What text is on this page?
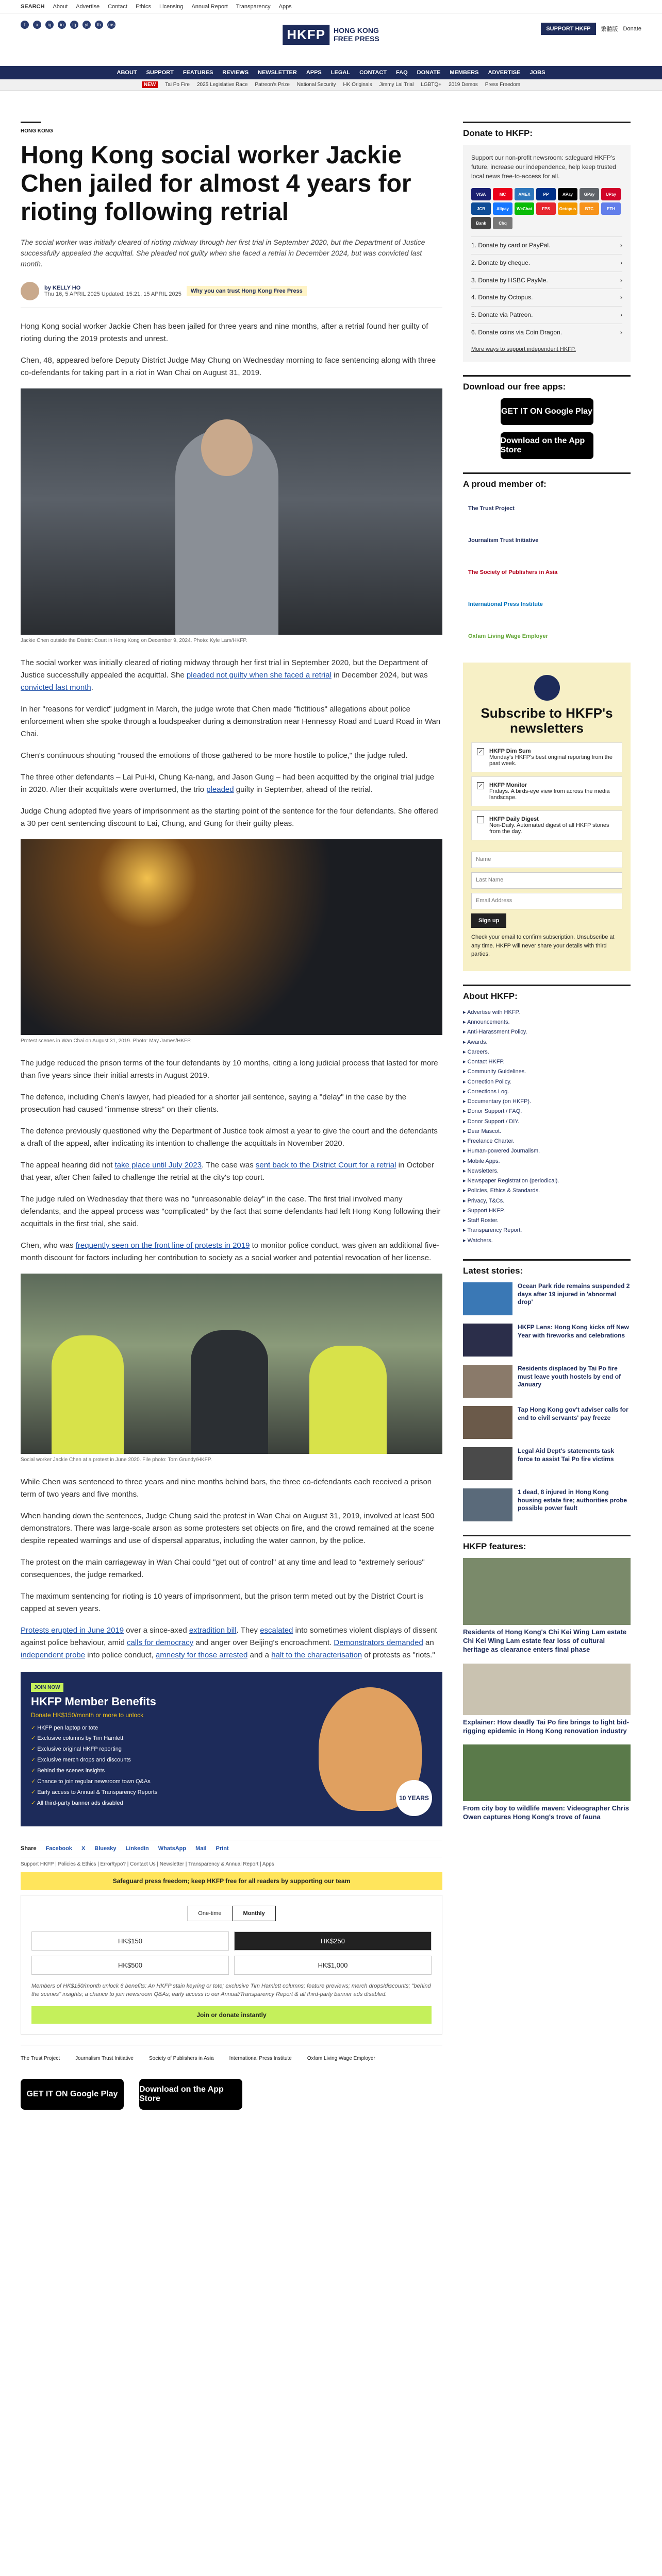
SEARCH About Advertise Contact Ethics Licensing Annual Report Transparency Apps
f	x	ig	in	tg	yt	th	ms
HKFP	HONG KONG
FREE PRESS
SUPPORT HKFP	繁體版 Donate
ABOUT SUPPORT FEATURES REVIEWS NEWSLETTER APPS LEGAL CONTACT FAQ DONATE MEMBERS ADVERTISE JOBS
NEW	Tai Po Fire 2025 Legislative Race Patreon's Prize National Security HK Originals Jimmy Lai Trial LGBTQ+ 2019 Demos Press Freedom
HONG KONG
Hong Kong social worker Jackie Chen jailed for almost 4 years for rioting following retrial

The social worker was initially cleared of rioting midway through her first trial in September 2020, but the Department of Justice successfully appealed the acquittal. She pleaded not guilty when she faced a retrial in December 2024, but was convicted last month.

by KELLY HO
Thu 16, 5 APRIL 2025 Updated: 15:21, 15 APRIL 2025	Why you can trust Hong Kong Free Press

Hong Kong social worker Jackie Chen has been jailed for three years and nine months, after a retrial found her guilty of rioting during the 2019 protests and unrest.

Chen, 48, appeared before Deputy District Judge May Chung on Wednesday morning to face sentencing along with three co-defendants for taking part in a riot in Wan Chai on August 31, 2019.

Jackie Chen outside the District Court in Hong Kong on December 9, 2024. Photo: Kyle Lam/HKFP.

The social worker was initially cleared of rioting midway through her first trial in September 2020, but the Department of Justice successfully appealed the acquittal. She pleaded not guilty when she faced a retrial in December 2024, but was convicted last month.

In her "reasons for verdict" judgment in March, the judge wrote that Chen made "fictitious" allegations about police enforcement when she spoke through a loudspeaker during a demonstration near Hennessy Road and Luard Road in Wan Chai.

Chen's continuous shouting "roused the emotions of those gathered to be more hostile to police," the judge ruled.

The three other defendants – Lai Pui-ki, Chung Ka-nang, and Jason Gung – had been acquitted by the original trial judge in 2020. After their acquittals were overturned, the trio pleaded guilty in September, ahead of the retrial.

Judge Chung adopted five years of imprisonment as the starting point of the sentence for the four defendants. She offered a 30 per cent sentencing discount to Lai, Chung, and Gung for their guilty pleas.

Protest scenes in Wan Chai on August 31, 2019. Photo: May James/HKFP.

The judge reduced the prison terms of the four defendants by 10 months, citing a long judicial process that lasted for more than five years since their initial arrests in August 2019.

The defence, including Chen's lawyer, had pleaded for a shorter jail sentence, saying a "delay" in the case by the prosecution had caused "immense stress" on their clients.

The defence previously questioned why the Department of Justice took almost a year to give the court and the defendants a draft of the appeal, after indicating its intention to challenge the acquittals in November 2020.

The appeal hearing did not take place until July 2023. The case was sent back to the District Court for a retrial in October that year, after Chen failed to challenge the retrial at the city's top court.

The judge ruled on Wednesday that there was no "unreasonable delay" in the case. The first trial involved many defendants, and the appeal process was "complicated" by the fact that some defendants had left Hong Kong following their acquittals in the first trial, she said.

Chen, who was frequently seen on the front line of protests in 2019 to monitor police conduct, was given an additional five-month discount for factors including her contribution to society as a social worker and potential revocation of her license.

Social worker Jackie Chen at a protest in June 2020. File photo: Tom Grundy/HKFP.

While Chen was sentenced to three years and nine months behind bars, the three co-defendants each received a prison term of two years and five months.

When handing down the sentences, Judge Chung said the protest in Wan Chai on August 31, 2019, involved at least 500 demonstrators. There was large-scale arson as some protesters set objects on fire, and the crowd remained at the scene despite repeated warnings and use of dispersal apparatus, including the water cannon, by the police.

The protest on the main carriageway in Wan Chai could "get out of control" at any time and lead to "extremely serious" consequences, the judge remarked.

The maximum sentencing for rioting is 10 years of imprisonment, but the prison term meted out by the District Court is capped at seven years.

Protests erupted in June 2019 over a since-axed extradition bill. They escalated into sometimes violent displays of dissent against police behaviour, amid calls for democracy and anger over Beijing's encroachment. Demonstrators demanded an independent probe into police conduct, amnesty for those arrested and a halt to the characterisation of protests as "riots."

JOIN NOW
HKFP Member Benefits
Donate HK$150/month or more to unlock
✓ HKFP pen laptop or tote
✓ Exclusive columns by Tim Hamlett
✓ Exclusive original HKFP reporting
✓ Exclusive merch drops and discounts
✓ Behind the scenes insights
✓ Chance to join regular newsroom town Q&As
✓ Early access to Annual & Transparency Reports
✓ All third-party banner ads disabled
10 YEARS
Share Facebook X Bluesky LinkedIn WhatsApp Mail Print
Support HKFP | Policies & Ethics | Error/typo? | Contact Us | Newsletter | Transparency & Annual Report | Apps
Safeguard press freedom; keep HKFP free for all readers by supporting our team
One-time	Monthly
HK$150	HK$250
HK$500	HK$1,000

Members of HK$150/month unlock 6 benefits: An HKFP stain keyring or tote; exclusive Tim Hamlett columns; feature previews; merch drops/discounts; "behind the scenes" insights; a chance to join newsroom Q&As; early access to our Annual/Transparency Report & all third-party banner ads disabled.

Join or donate instantly
The Trust Project	Journalism Trust Initiative	Society of Publishers in Asia	International Press Institute	Oxfam Living Wage Employer
GET IT ON Google Play
Download on the App Store
Donate to HKFP:

Support our non-profit newsroom: safeguard HKFP's future, increase our independence, help keep trusted local news free-to-access for all.

VISA	MC	AMEX	PP	APay	GPay	UPay
JCB	Alipay	WeChat	FPS	Octopus	BTC	ETH
Bank	Chq
1. Donate by card or PayPal.	›
2. Donate by cheque.	›
3. Donate by HSBC PayMe.	›
4. Donate by Octopus.	›
5. Donate via Patreon.	›
6. Donate coins via Coin Dragon.	›

More ways to support independent HKFP.

Download our free apps:
GET IT ON Google Play
Download on the App Store
A proud member of:
The Trust Project
Journalism Trust Initiative
The Society of Publishers in Asia
International Press Institute
Oxfam Living Wage Employer
Subscribe to HKFP's newsletters
✓ HKFP Dim Sum
Monday's HKFP's best original reporting from the past week.
✓ HKFP Monitor
Fridays. A birds-eye view from across the media landscape.
HKFP Daily Digest
Non-Daily. Automated digest of all HKFP stories from the day.
Name
Last Name
Email Address
Sign up

Check your email to confirm subscription. Unsubscribe at any time. HKFP will never share your details with third parties.

About HKFP:
▸ Advertise with HKFP.
▸ Announcements.
▸ Anti-Harassment Policy.
▸ Awards.
▸ Careers.
▸ Contact HKFP.
▸ Community Guidelines.
▸ Correction Policy.
▸ Corrections Log.
▸ Documentary (on HKFP).
▸ Donor Support / FAQ.
▸ Donor Support / DIY.
▸ Dear Mascot.
▸ Freelance Charter.
▸ Human-powered Journalism.
▸ Mobile Apps.
▸ Newsletters.
▸ Newspaper Registration (periodical).
▸ Policies, Ethics & Standards.
▸ Privacy, T&Cs.
▸ Support HKFP.
▸ Staff Roster.
▸ Transparency Report.
▸ Watchers.
Latest stories:
Ocean Park ride remains suspended 2 days after 19 injured in 'abnormal drop'
HKFP Lens: Hong Kong kicks off New Year with fireworks and celebrations
Residents displaced by Tai Po fire must leave youth hostels by end of January
Tap Hong Kong gov't adviser calls for end to civil servants' pay freeze
Legal Aid Dept's statements task force to assist Tai Po fire victims
1 dead, 8 injured in Hong Kong housing estate fire; authorities probe possible power fault
HKFP features:
Residents of Hong Kong's Chi Kei Wing Lam estate Chi Kei Wing Lam estate fear loss of cultural heritage as clearance enters final phase
Explainer: How deadly Tai Po fire brings to light bid-rigging epidemic in Hong Kong renovation industry
From city boy to wildlife maven: Videographer Chris Owen captures Hong Kong's trove of fauna
